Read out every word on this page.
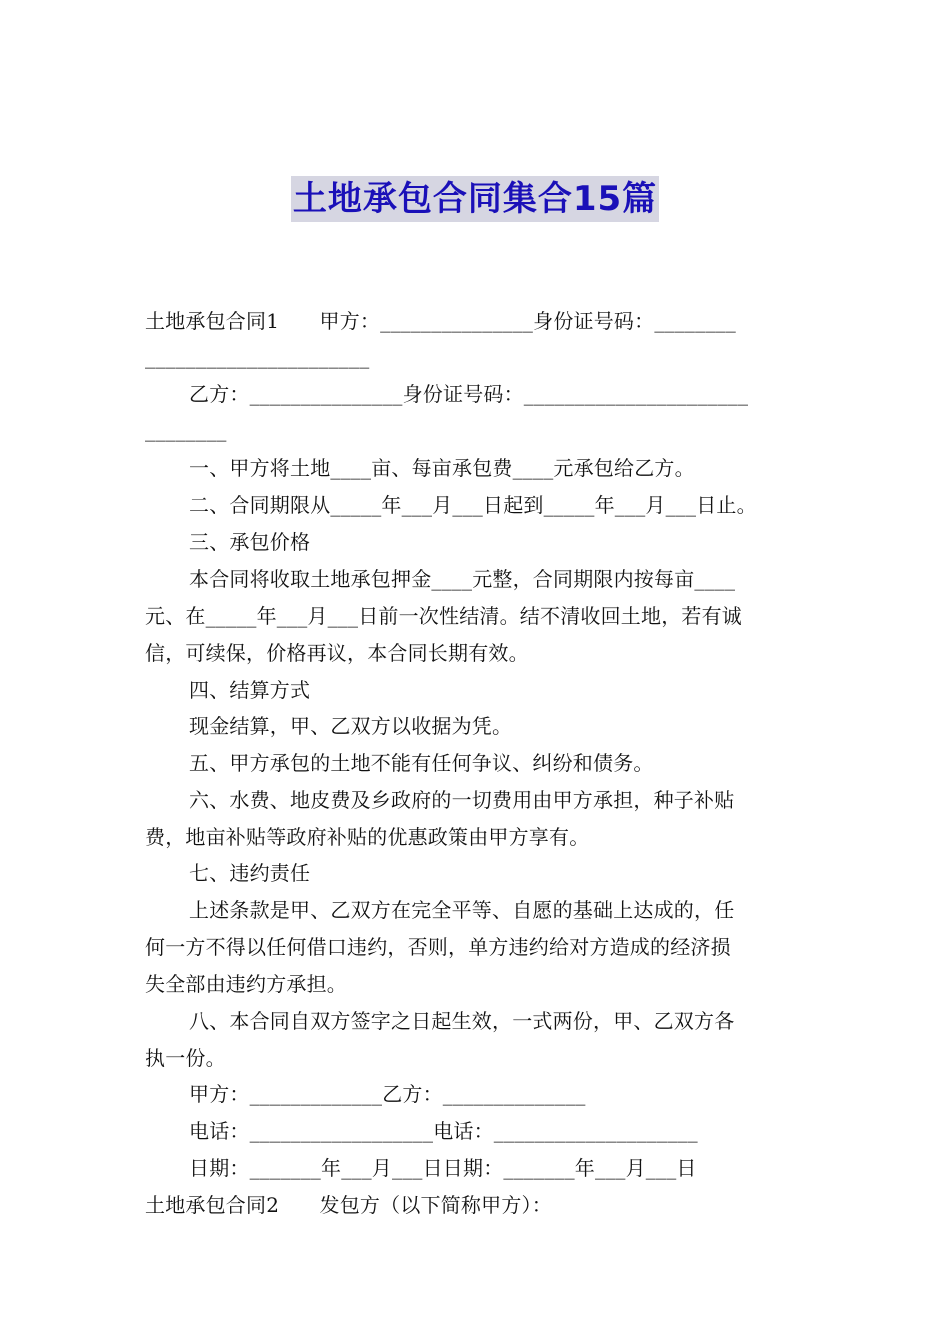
土地承包合同集合15篇
土地承包合同1　　甲方：_______________身份证号码：________
______________________
乙方：_______________身份证号码：______________________
________
一、甲方将土地____亩、每亩承包费____元承包给乙方。
二、合同期限从_____年___月___日起到_____年___月___日止。
三、承包价格
本合同将收取土地承包押金____元整，合同期限内按每亩____
元、在_____年___月___日前一次性结清。结不清收回土地，若有诚
信，可续保，价格再议，本合同长期有效。
四、结算方式
现金结算，甲、乙双方以收据为凭。
五、甲方承包的土地不能有任何争议、纠纷和债务。
六、水费、地皮费及乡政府的一切费用由甲方承担，种子补贴
费，地亩补贴等政府补贴的优惠政策由甲方享有。
七、违约责任
上述条款是甲、乙双方在完全平等、自愿的基础上达成的，任
何一方不得以任何借口违约，否则，单方违约给对方造成的经济损
失全部由违约方承担。
八、本合同自双方签字之日起生效，一式两份，甲、乙双方各
执一份。
甲方：_____________乙方：______________
电话：__________________电话：____________________
日期：_______年___月___日日期：_______年___月___日
土地承包合同2　　发包方（以下简称甲方）：
